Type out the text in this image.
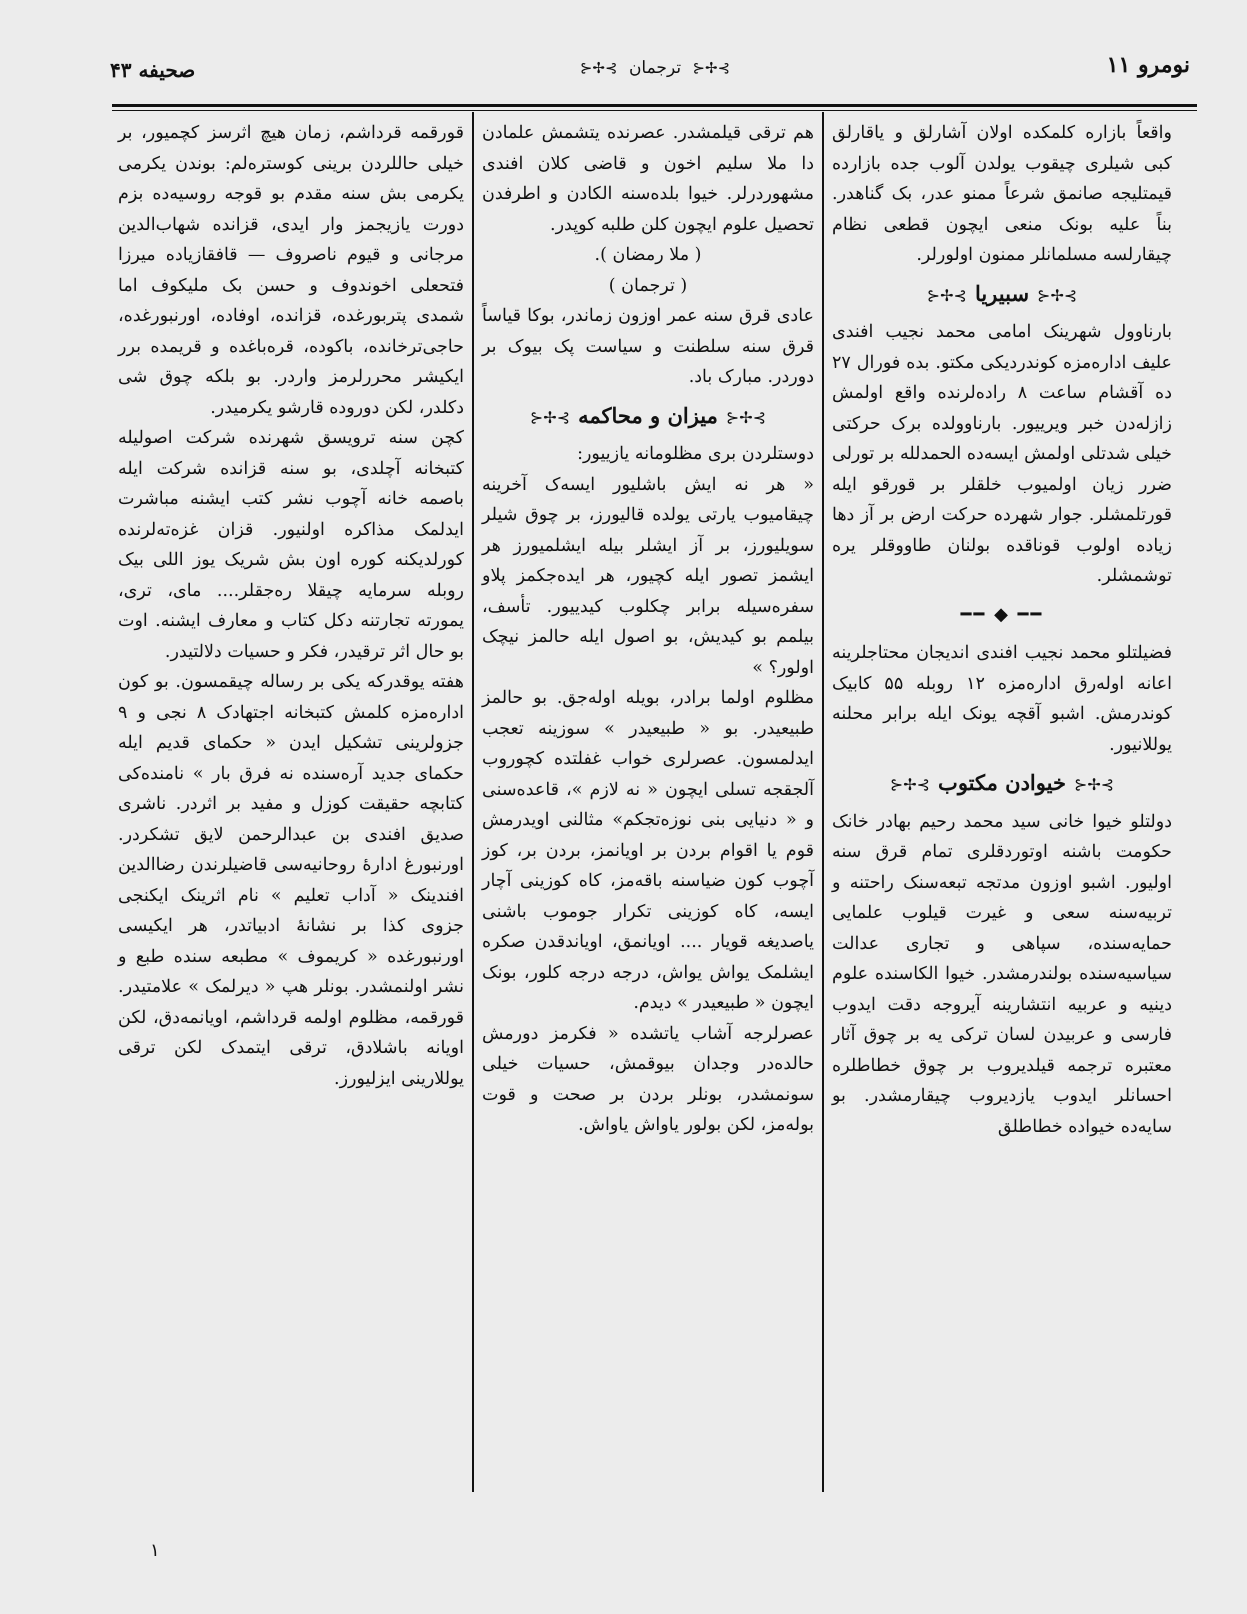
نومرو ۱۱
⊱✢⊰ ترجمان ⊱✢⊰
صحیفه ۴۳

واقعاً بازاره کلمکده اولان آشارلق و یاقارلق کبی شیلری چیقوب یولدن آلوب جده بازارده قیمتلیجه صانمق شرعاً ممنو عدر، بک گناهدر. بناً علیه بونک منعی ایچون قطعی نظام چیقارلسه مسلمانلر ممنون اولورلر.

⊱✢⊰سبیریا⊱✢⊰

بارناوول شهرینک امامی محمد نجیب افندی علیف ادارەمزه کوندردیکی مکتو. بده فورال ۲۷ ده آقشام ساعت ۸ رادەلرنده واقع اولمش زازلەدن خبر ویرییور. بارناوولده برک حرکتی خیلی شدتلی اولمش ایسەده الحمدلله بر تورلی ضرر زیان اولمیوب خلقلر بر قورقو ایله قورتلمشلر. جوار شهرده حرکت ارض بر آز دها زیاده اولوب قوناقده بولنان طاووقلر یره توشمشلر.

━━ ◆ ━━

فضیلتلو محمد نجیب افندی اندیجان محتاجلرینه اعانه اولەرق ادارەمزه ۱۲ روبله ۵۵ کابیک کوندرمش. اشبو آقچه یونک ایله برابر محلنه یوللانیور.

⊱✢⊰خیوادن مکتوب⊱✢⊰

دولتلو خیوا خانی سید محمد رحیم بهادر خانک حکومت باشنه اوتوردقلری تمام قرق سنه اولیور. اشبو اوزون مدتجه تبعەسنک راحتنه و تربیەسنه سعی و غیرت قیلوب علمایی حمایەسنده، سپاهی و تجاری عدالت سیاسیەسنده بولندرمشدر. خیوا الکاسنده علوم دینیه و عربیه انتشارینه آیروجه دقت ایدوب فارسی و عربیدن لسان ترکی یه بر چوق آثار معتبره ترجمه قیلدیروب بر چوق خطاطلره احسانلر ایدوب یازدیروب چیقارمشدر. بو سایەده خیواده خطاطلق

هم ترقی قیلمشدر. عصرنده یتشمش علمادن دا ملا سلیم اخون و قاضی کلان افندی مشهوردرلر. خیوا بلدەسنه الکادن و اطرفدن تحصیل علوم ایچون کلن طلبه کوپدر.

( ملا رمضان ).

( ترجمان )

عادی قرق سنه عمر اوزون زماندر، بوکا قیاساً قرق سنه سلطنت و سیاست پک بیوک بر دوردر. مبارک باد.

⊱✢⊰میزان و محاکمه⊱✢⊰

دوستلردن بری مظلومانه یازییور:

« هر نه ایش باشلیور ایسەک آخرینه چیقامیوب یارتی یولده قالیورز، بر چوق شیلر سویلیورز، بر آز ایشلر بیله ایشلمیورز هر ایشمز تصور ایله کچیور، هر ایدەجکمز پلاو سفرەسیله برابر چکلوب کیدییور. تأسف، بیلمم بو کیدیش، بو اصول ایله حالمز نیچک اولور؟ »

مظلوم اولما برادر، بویله اولەجق. بو حالمز طبیعیدر. بو « طبیعیدر » سوزینه تعجب ایدلمسون. عصرلری خواب غفلتده کچوروب آلجقجه تسلی ایچون « نه لازم »، قاعدەسنی و « دنیایی بنی نوزەتجکم» مثالنی اویدرمش قوم یا اقوام بردن بر اویانمز، بردن بر، کوز آچوب کون ضیاسنه باقەمز، کاه کوزینی آچار ایسه، کاه کوزینی تکرار جوموب باشنی یاصدیغه قویار .... اویانمق، اویاندقدن صکره ایشلمک یواش یواش، درجه درجه کلور، بونک ایچون « طبیعیدر » دیدم.

عصرلرجه آشاب یاتشده « فکرمز دورمش حالدەدر وجدان بیوقمش، حسیات خیلی سونمشدر، بونلر بردن بر صحت و قوت بولەمز، لکن بولور یاواش یاواش.

قورقمه قرداشم، زمان هیچ اثرسز کچمیور، بر خیلی حاللردن برینی کوسترەلم: بوندن یکرمی یکرمی بش سنه مقدم بو قوجه روسیەده بزم دورت یازیجمز وار ایدی، قزانده شهاب‌الدین مرجانی و قیوم ناصروف — قافقازیاده میرزا فتحعلی اخوندوف و حسن بک ملیکوف اما شمدی پتربورغده، قزانده، اوفاده، اورنبورغده، حاجی‌ترخانده، باکوده، قرەباغده و قریمده برر ایکیشر محررلرمز واردر. بو بلکه چوق شی دکلدر، لکن دوروده قارشو یکرمیدر.

کچن سنه ترویسق شهرنده شرکت اصولیله کتبخانه آچلدی، بو سنه قزانده شرکت ایله باصمه خانه آچوب نشر کتب ایشنه مباشرت ایدلمک مذاکره اولنیور. قزان غزەتەلرنده کورلدیکنه کوره اون بش شریک یوز اللی بیک روبله سرمایه چیقلا رەجقلر.... مای، تری، یمورته تجارتنه دکل کتاب و معارف ایشنه. اوت بو حال اثر ترقیدر، فکر و حسیات دلالتیدر.

هفته یوقدرکه یکی بر رساله چیقمسون. بو کون ادارەمزه کلمش کتبخانە اجتهادک ۸ نجی و ۹ جزولرینی تشکیل ایدن « حکمای قدیم ایله حکمای جدید آرەسنده نه فرق بار » نامندەکی کتابچه حقیقت کوزل و مفید بر اثردر. ناشری صدیق افندی بن عبدالرحمن لایق تشکردر. اورنبورغ ادارۀ روحانیەسی قاضیلرندن رضا‌الدین افندینک « آداب تعلیم » نام اثرینک ایکنجی جزوی کذا بر نشانۀ ادبیاتدر، هر ایکیسی اورنبورغده « کریموف » مطبعه سنده طبع و نشر اولنمشدر. بونلر هپ « دیرلمک » علامتیدر. قورقمه، مظلوم اولمه قرداشم، اویانمەدق، لکن اویانه باشلادق، ترقی ایتمدک لکن ترقی یوللارینی ایزلیورز.

۱
